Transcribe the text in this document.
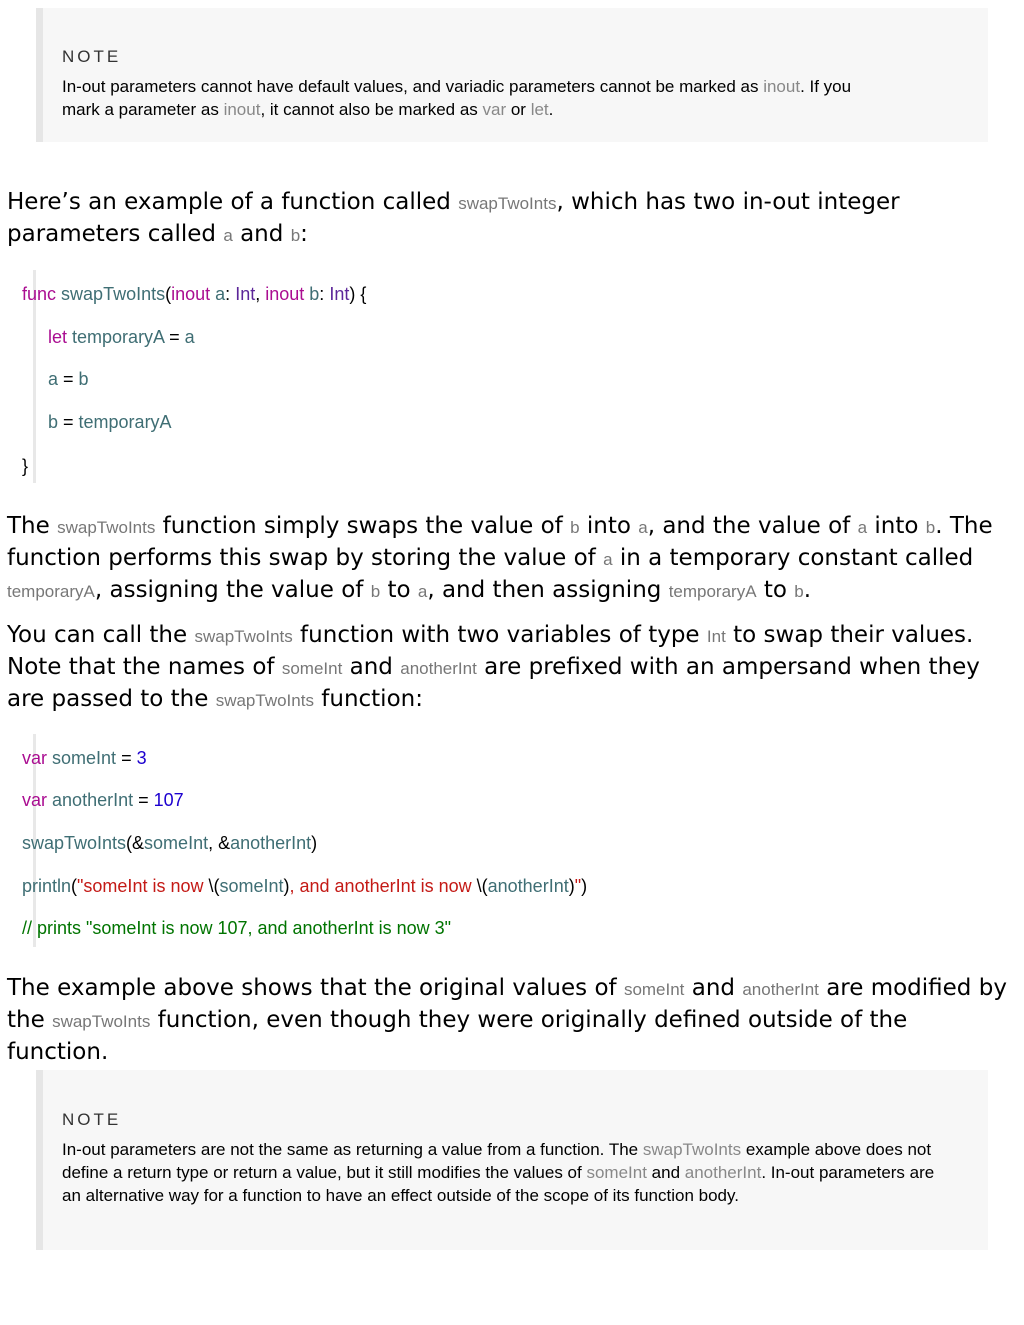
NOTE
In-out parameters cannot have default values, and variadic parameters cannot be marked as inout. If you
mark a parameter as inout, it cannot also be marked as var or let.
Here’s an example of a function called swapTwoInts, which has two in-out integer parameters called a and b:
func swapTwoInts(inout a: Int, inout b: Int) {
let temporaryA = a
a = b
b = temporaryA
}
The swapTwoInts function simply swaps the value of b into a, and the value of a into b. The function performs this swap by storing the value of a in a temporary constant called temporaryA, assigning the value of b to a, and then assigning temporaryA to b.
You can call the swapTwoInts function with two variables of type Int to swap their values. Note that the names of someInt and anotherInt are prefixed with an ampersand when they are passed to the swapTwoInts function:
var someInt = 3
var anotherInt = 107
swapTwoInts(&someInt, &anotherInt)
println("someInt is now \(someInt), and anotherInt is now \(anotherInt)")
// prints "someInt is now 107, and anotherInt is now 3"
The example above shows that the original values of someInt and anotherInt are modified by the swapTwoInts function, even though they were originally defined outside of the function.
NOTE
In-out parameters are not the same as returning a value from a function. The swapTwoInts example above does not define a return type or return a value, but it still modifies the values of someInt and anotherInt. In-out parameters are an alternative way for a function to have an effect outside of the scope of its function body.
